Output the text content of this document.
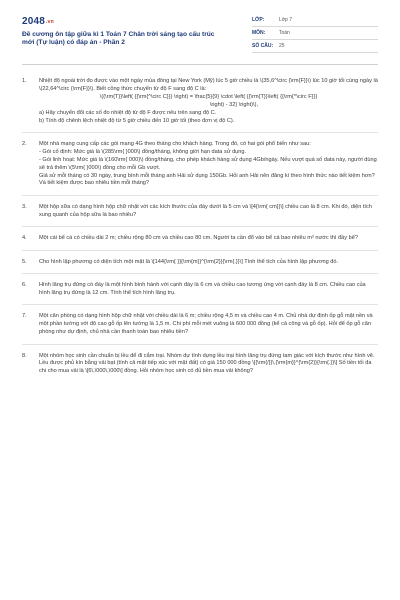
$2048^{.vn}$
Đề cương ôn tập giữa kì 1 Toán 7 Chân trời sáng tạo cấu trúc mới (Tự luận) có đáp án - Phần 2
LỚP:	Lớp 7
MÔN:	Toán
SỐ CÂU:	25
1.	Nhiệt độ ngoài trời đo được vào một ngày mùa đông tại New York (Mỹ) lúc 5 giờ chiều là \(35,6^\circ {\rm{F}}\) lúc 10 giờ tối cùng ngày là \(22,64^\circ {\rm{F}}\). Biết công thức chuyển từ độ F sang độ C là:
\({\rm{T}}\left( {{\rm{^\circ C}}} \right) = \frac{5}{9} \cdot \left( {{\rm{T}}\left( {{\rm{^\circ F}}}
\right) - 32} \right)\),
a) Hãy chuyển đổi các số đo nhiệt độ từ độ F được nêu trên sang độ C.
b) Tính độ chênh lệch nhiệt độ từ 5 giờ chiều đến 10 giờ tối (theo đơn vị độ C).
2.	Một nhà mạng cung cấp các gói mạng 4G theo tháng cho khách hàng. Trong đó, có hai gói phổ biến như sau:
- Gói cố định: Mức giá là \(285\rm{ }000\) đồng/tháng, không giới hạn data sử dụng.
- Gói linh hoạt: Mức giá là \(160\rm{ 000}\) đồng/tháng, cho phép khách hàng sử dụng 4Gb/ngày. Nếu vượt quá số data này, người dùng sẽ trả thêm \(5\rm{ }000\) đồng cho mỗi Gb vượt.
Giả sử mỗi tháng có 30 ngày, trung bình mỗi tháng anh Hải sử dụng 150Gb. Hỏi anh Hải nên đăng kí theo hình thức nào tiết kiệm hơn? Và tiết kiệm được bao nhiêu tiền mỗi tháng?
3.	Một hộp sữa có dạng hình hộp chữ nhật với các kích thước của đáy dưới là 5 cm và \[4{\rm{ cm}}\] chiều cao là 8 cm. Khi đó, diện tích xung quanh của hộp sữa là bao nhiêu?
4.	Một cái bể cá có chiều dài 2 m; chiều rộng 80 cm và chiều cao 80 cm. Người ta cần đổ vào bể cá bao nhiêu m³ nước thì đầy bể?
5.	Cho hình lập phương có diện tích một mặt là \[144{\rm{ }}{\rm{m}}^{\rm{2}}{\rm{.}}\] Tính thể tích của hình lập phương đó.
6.	Hình lăng trụ đứng có đáy là một hình bình hành với cạnh đáy là 6 cm và chiều cao tương ứng với cạnh đáy là 8 cm. Chiều cao của hình lăng trụ đứng là 12 cm. Tính thể tích hình lăng trụ.
7.	Một căn phòng có dạng hình hộp chữ nhật với chiều dài là 6 m; chiều rộng 4,5 m và chiều cao 4 m. Chủ nhà dự định ốp gỗ mặt nền và một phần tường với độ cao gỗ ốp lên tường là 1,5 m. Chi phí mỗi mét vuông là 600 000 đồng (kể cả công và gỗ ốp). Hỏi để ốp gỗ căn phòng như dự định, chủ nhà cần thanh toán bao nhiêu tiền?
8.	Một nhóm học sinh cần chuẩn bị lều để đi cắm trại. Nhóm dự tính dựng lều trại hình lăng trụ đứng tam giác với kích thước như hình vẽ. Lều được phủ kín bằng vải bạt (tính cả mặt tiếp xúc với mặt đất) có giá 150 000 đồng \[{\rm{/}}\,{\rm{m}}^{\rm{2}}{\rm{.}}\] Số tiền tối đa chi cho mua vải là \[6\,\000\,\000\] đồng. Hỏi nhóm học sinh có đủ tiền mua vải không?
